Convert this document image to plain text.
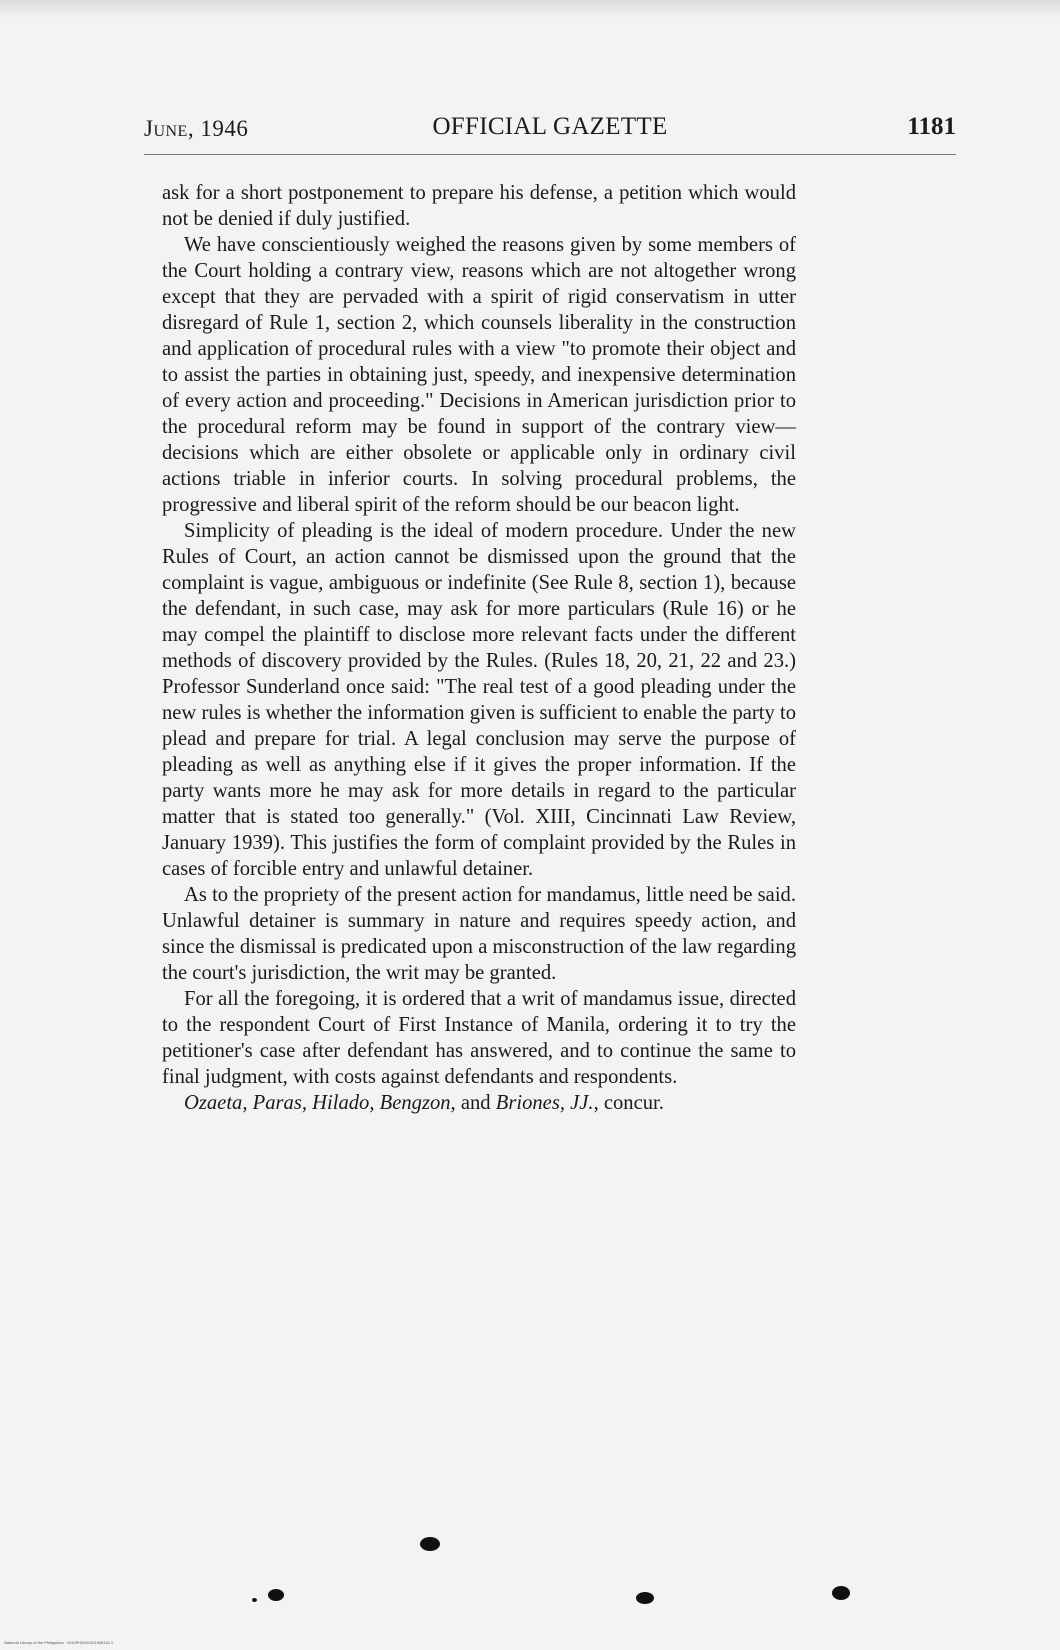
June, 1946	OFFICIAL GAZETTE	1181

ask for a short postponement to prepare his defense, a petition which would not be denied if duly justified.

We have conscientiously weighed the reasons given by some members of the Court holding a contrary view, reasons which are not altogether wrong except that they are pervaded with a spirit of rigid conservatism in utter disregard of Rule 1, section 2, which counsels liberality in the construction and application of procedural rules with a view "to promote their object and to assist the parties in obtaining just, speedy, and inexpensive determination of every action and proceeding." Decisions in American jurisdiction prior to the procedural reform may be found in support of the contrary view—decisions which are either obsolete or applicable only in ordinary civil actions triable in inferior courts. In solving procedural problems, the progressive and liberal spirit of the reform should be our beacon light.

Simplicity of pleading is the ideal of modern procedure. Under the new Rules of Court, an action cannot be dismissed upon the ground that the complaint is vague, ambiguous or indefinite (See Rule 8, section 1), because the defendant, in such case, may ask for more particulars (Rule 16) or he may compel the plaintiff to disclose more relevant facts under the different methods of discovery provided by the Rules. (Rules 18, 20, 21, 22 and 23.) Professor Sunderland once said: "The real test of a good pleading under the new rules is whether the information given is sufficient to enable the party to plead and prepare for trial. A legal conclusion may serve the purpose of pleading as well as anything else if it gives the proper information. If the party wants more he may ask for more details in regard to the particular matter that is stated too generally." (Vol. XIII, Cincinnati Law Review, January 1939). This justifies the form of complaint provided by the Rules in cases of forcible entry and unlawful detainer.

As to the propriety of the present action for mandamus, little need be said. Unlawful detainer is summary in nature and requires speedy action, and since the dismissal is predicated upon a misconstruction of the law regarding the court's jurisdiction, the writ may be granted.

For all the foregoing, it is ordered that a writ of mandamus issue, directed to the respondent Court of First Instance of Manila, ordering it to try the petitioner's case after defendant has answered, and to continue the same to final judgment, with costs against defendants and respondents.

Ozaeta, Paras, Hilado, Bengzon, and Briones, JJ., concur.

National Library of the Philippines · OG0PH0001201946118 1
